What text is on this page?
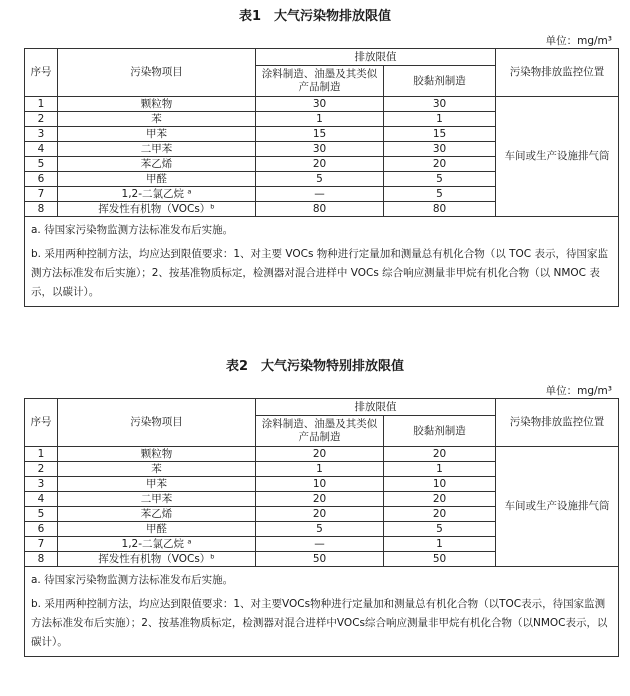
表1　大气污染物排放限值
单位：mg/m³
序号	污染物项目	排放限值		污染物排放监控位置
		涂料制造、油墨及其类似产品制造	胶黏剂制造	
1	颗粒物	30	30	车间或生产设施排气筒
2	苯	1	1	
3	甲苯	15	15	
4	二甲苯	30	30	
5	苯乙烯	20	20	
6	甲醛	5	5	
7	1,2-二氯乙烷 ᵃ	—	5	
8	挥发性有机物（VOCs）ᵇ	80	80	

a. 待国家污染物监测方法标准发布后实施。
b. 采用两种控制方法，均应达到限值要求：1、对主要 VOCs 物种进行定量加和测量总有机化合物（以 TOC 表示，待国家监测方法标准发布后实施）；2、按基准物质标定，检测器对混合进样中 VOCs 综合响应测量非甲烷有机化合物（以 NMOC 表示，以碳计）。				
表2　大气污染物特别排放限值
单位：mg/m³
序号	污染物项目	排放限值		污染物排放监控位置
		涂料制造、油墨及其类似产品制造	胶黏剂制造	
1	颗粒物	20	20	车间或生产设施排气筒
2	苯	1	1	
3	甲苯	10	10	
4	二甲苯	20	20	
5	苯乙烯	20	20	
6	甲醛	5	5	
7	1,2-二氯乙烷 ᵃ	—	1	
8	挥发性有机物（VOCs）ᵇ	50	50	

a. 待国家污染物监测方法标准发布后实施。
b. 采用两种控制方法，均应达到限值要求：1、对主要VOCs物种进行定量加和测量总有机化合物（以TOC表示，待国家监测方法标准发布后实施）；2、按基准物质标定，检测器对混合进样中VOCs综合响应测量非甲烷有机化合物（以NMOC表示，以碳计）。				
